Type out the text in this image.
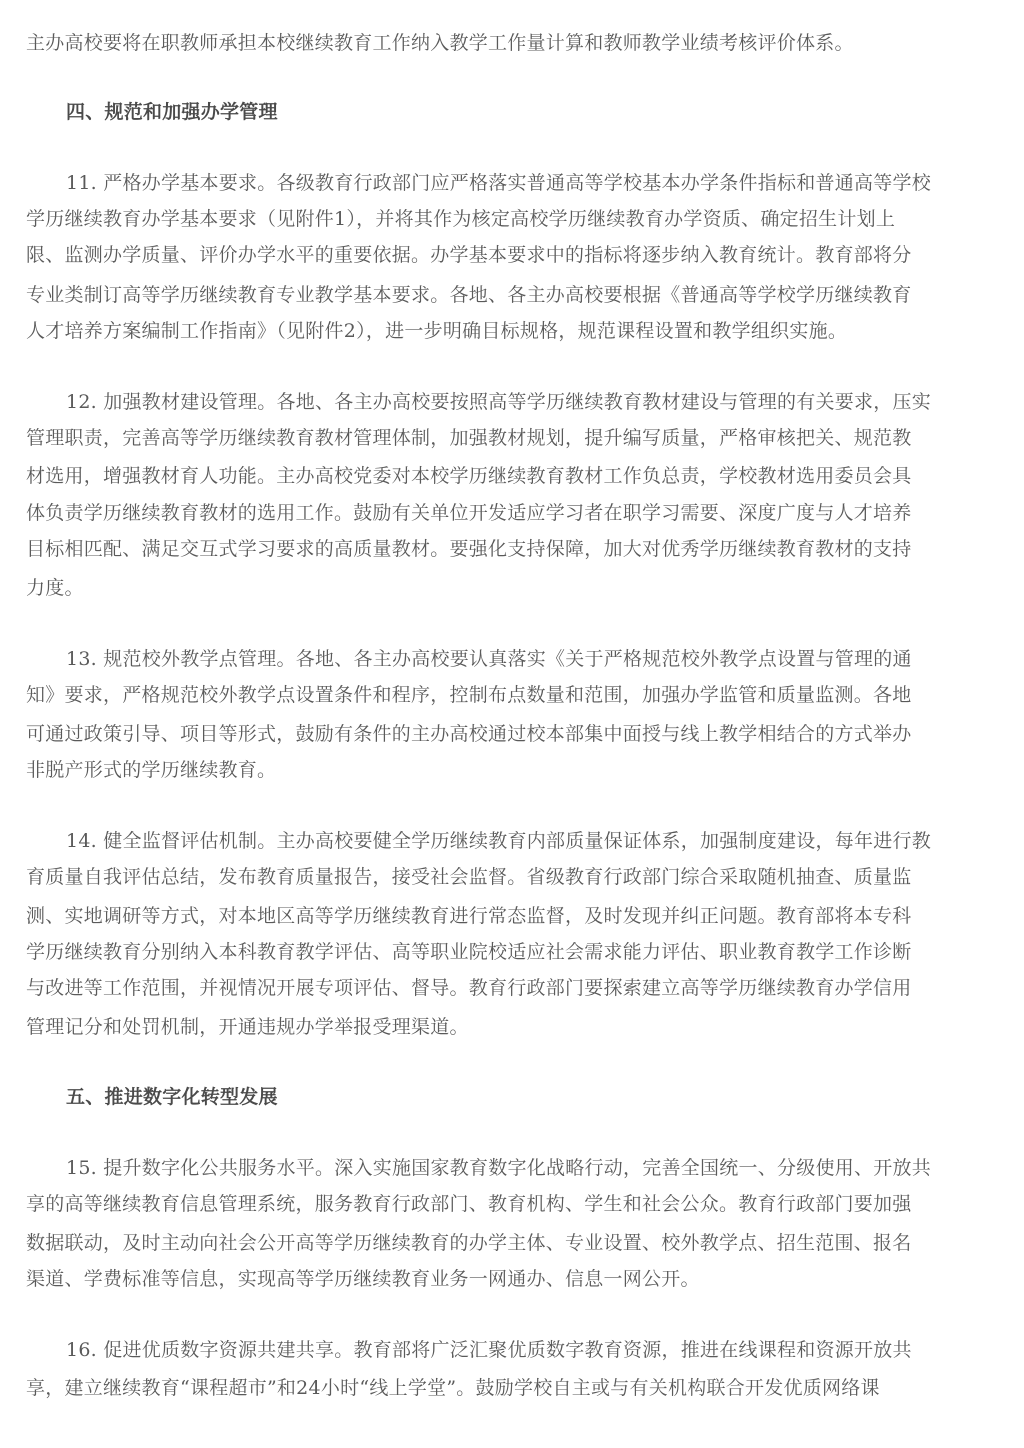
主办高校要将在职教师承担本校继续教育工作纳入教学工作量计算和教师教学业绩考核评价体系。
四、规范和加强办学管理
11. 严格办学基本要求。各级教育行政部门应严格落实普通高等学校基本办学条件指标和普通高等学校
学历继续教育办学基本要求（见附件1），并将其作为核定高校学历继续教育办学资质、确定招生计划上
限、监测办学质量、评价办学水平的重要依据。办学基本要求中的指标将逐步纳入教育统计。教育部将分
专业类制订高等学历继续教育专业教学基本要求。各地、各主办高校要根据《普通高等学校学历继续教育
人才培养方案编制工作指南》（见附件2），进一步明确目标规格，规范课程设置和教学组织实施。
12. 加强教材建设管理。各地、各主办高校要按照高等学历继续教育教材建设与管理的有关要求，压实
管理职责，完善高等学历继续教育教材管理体制，加强教材规划，提升编写质量，严格审核把关、规范教
材选用，增强教材育人功能。主办高校党委对本校学历继续教育教材工作负总责，学校教材选用委员会具
体负责学历继续教育教材的选用工作。鼓励有关单位开发适应学习者在职学习需要、深度广度与人才培养
目标相匹配、满足交互式学习要求的高质量教材。要强化支持保障，加大对优秀学历继续教育教材的支持
力度。
13. 规范校外教学点管理。各地、各主办高校要认真落实《关于严格规范校外教学点设置与管理的通
知》要求，严格规范校外教学点设置条件和程序，控制布点数量和范围，加强办学监管和质量监测。各地
可通过政策引导、项目等形式，鼓励有条件的主办高校通过校本部集中面授与线上教学相结合的方式举办
非脱产形式的学历继续教育。
14. 健全监督评估机制。主办高校要健全学历继续教育内部质量保证体系，加强制度建设，每年进行教
育质量自我评估总结，发布教育质量报告，接受社会监督。省级教育行政部门综合采取随机抽查、质量监
测、实地调研等方式，对本地区高等学历继续教育进行常态监督，及时发现并纠正问题。教育部将本专科
学历继续教育分别纳入本科教育教学评估、高等职业院校适应社会需求能力评估、职业教育教学工作诊断
与改进等工作范围，并视情况开展专项评估、督导。教育行政部门要探索建立高等学历继续教育办学信用
管理记分和处罚机制，开通违规办学举报受理渠道。
五、推进数字化转型发展
15. 提升数字化公共服务水平。深入实施国家教育数字化战略行动，完善全国统一、分级使用、开放共
享的高等继续教育信息管理系统，服务教育行政部门、教育机构、学生和社会公众。教育行政部门要加强
数据联动，及时主动向社会公开高等学历继续教育的办学主体、专业设置、校外教学点、招生范围、报名
渠道、学费标准等信息，实现高等学历继续教育业务一网通办、信息一网公开。
16. 促进优质数字资源共建共享。教育部将广泛汇聚优质数字教育资源，推进在线课程和资源开放共
享，建立继续教育“课程超市”和24小时“线上学堂”。鼓励学校自主或与有关机构联合开发优质网络课
